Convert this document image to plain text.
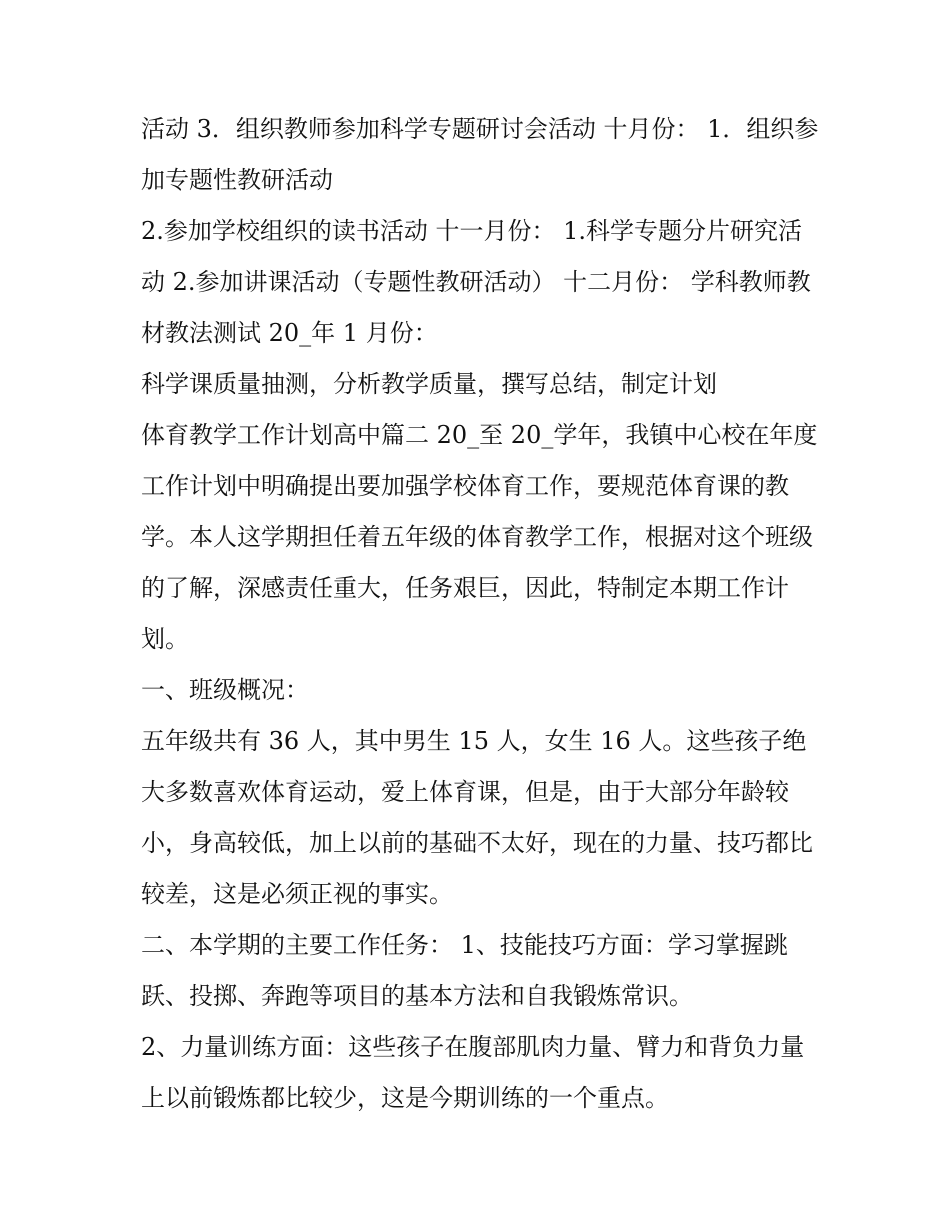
活动 3．组织教师参加科学专题研讨会活动 十月份： 1．组织参加专题性教研活动

2.参加学校组织的读书活动 十一月份： 1.科学专题分片研究活动 2.参加讲课活动（专题性教研活动） 十二月份： 学科教师教材教法测试 20_年 1 月份：

科学课质量抽测，分析教学质量，撰写总结，制定计划

体育教学工作计划高中篇二 20_至 20_学年，我镇中心校在年度工作计划中明确提出要加强学校体育工作，要规范体育课的教学。本人这学期担任着五年级的体育教学工作，根据对这个班级的了解，深感责任重大，任务艰巨，因此，特制定本期工作计划。

一、班级概况：

五年级共有 36 人，其中男生 15 人，女生 16 人。这些孩子绝大多数喜欢体育运动，爱上体育课，但是，由于大部分年龄较小，身高较低，加上以前的基础不太好，现在的力量、技巧都比较差，这是必须正视的事实。

二、本学期的主要工作任务： 1、技能技巧方面：学习掌握跳跃、投掷、奔跑等项目的基本方法和自我锻炼常识。

2、力量训练方面：这些孩子在腹部肌肉力量、臂力和背负力量上以前锻炼都比较少，这是今期训练的一个重点。
